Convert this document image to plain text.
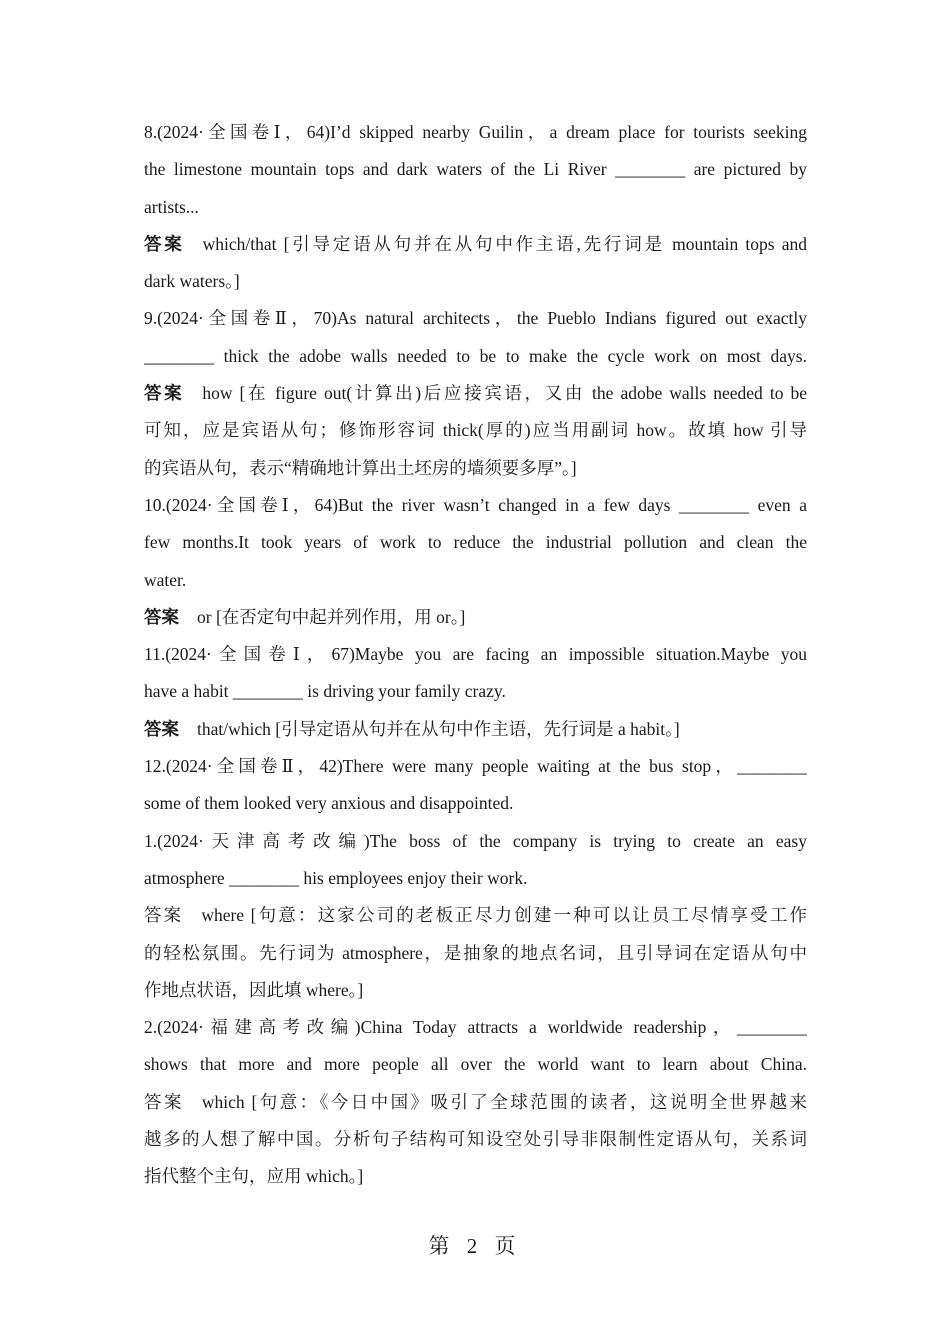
8.(2024·全国卷Ⅰ，64)I’d skipped nearby Guilin，a dream place for tourists seeking
the limestone mountain tops and dark waters of the Li River ________ are pictured by
artists...
答案 which/that [引导定语从句并在从句中作主语,先行词是 mountain tops and
dark waters。]
9.(2024·全国卷Ⅱ，70)As natural architects，the Pueblo Indians figured out exactly
________ thick the adobe walls needed to be to make the cycle work on most days.
答案 how [在 figure out(计算出)后应接宾语，又由 the adobe walls needed to be
可知，应是宾语从句；修饰形容词 thick(厚的)应当用副词 how。故填 how 引导
的宾语从句，表示“精确地计算出土坯房的墙须要多厚”。]
10.(2024·全国卷Ⅰ，64)But the river wasn’t changed in a few days ________ even a
few months.It took years of work to reduce the industrial pollution and clean the
water.
答案 or [在否定句中起并列作用，用 or。]
11.(2024·全国卷Ⅰ，67)Maybe you are facing an impossible situation.Maybe you
have a habit ________ is driving your family crazy.
答案 that/which [引导定语从句并在从句中作主语，先行词是 a habit。]
12.(2024·全国卷Ⅱ，42)There were many people waiting at the bus stop，________
some of them looked very anxious and disappointed.
1.(2024·天津高考改编)The boss of the company is trying to create an easy
atmosphere ________ his employees enjoy their work.
答案 where [句意：这家公司的老板正尽力创建一种可以让员工尽情享受工作
的轻松氛围。先行词为 atmosphere，是抽象的地点名词，且引导词在定语从句中
作地点状语，因此填 where。]
2.(2024·福建高考改编)China Today attracts a worldwide readership，________
shows that more and more people all over the world want to learn about China.
答案 which [句意：《今日中国》吸引了全球范围的读者，这说明全世界越来
越多的人想了解中国。分析句子结构可知设空处引导非限制性定语从句，关系词
指代整个主句，应用 which。]
第 2 页
